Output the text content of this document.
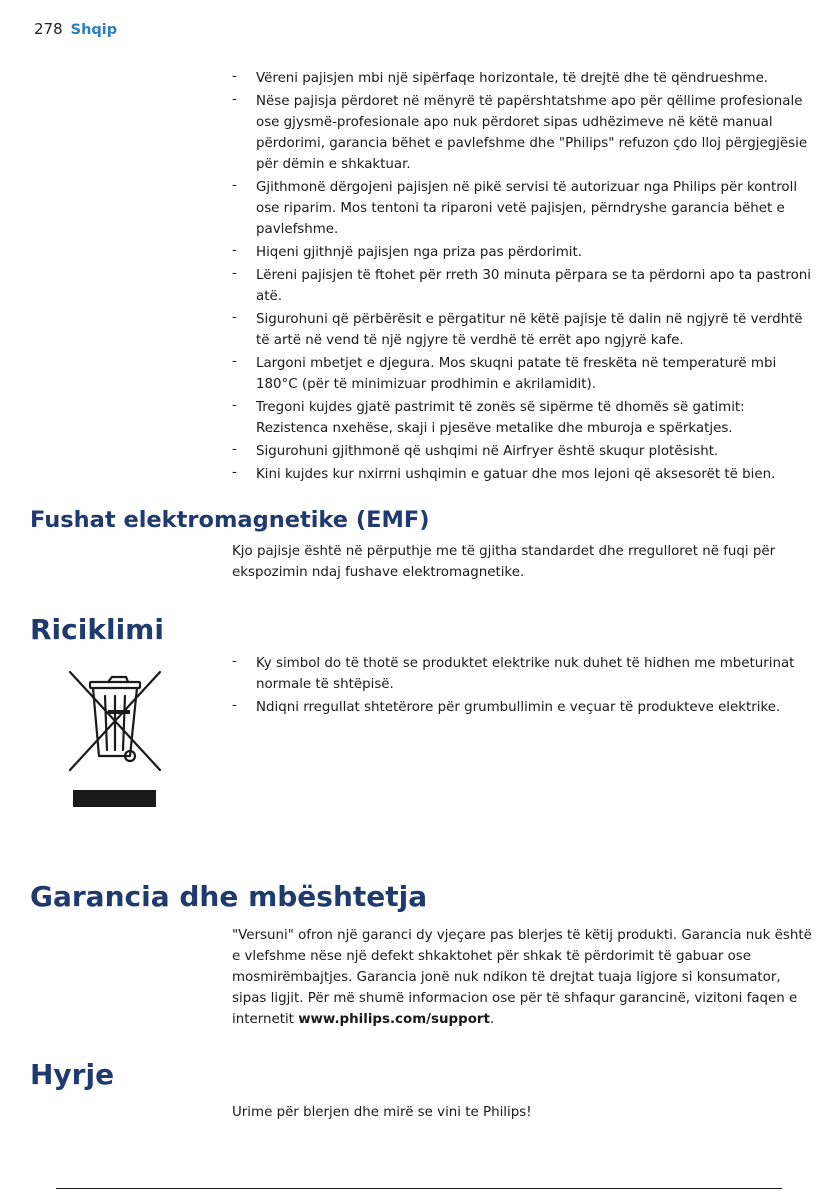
278 Shqip
- Vëreni pajisjen mbi një sipërfaqe horizontale, të drejtë dhe të qëndrueshme.
- Nëse pajisja përdoret në mënyrë të papërshtatshme apo për qëllime profesionale ose gjysmë-profesionale apo nuk përdoret sipas udhëzimeve në këtë manual përdorimi, garancia bëhet e pavlefshme dhe "Philips" refuzon çdo lloj përgjegjësie për dëmin e shkaktuar.
- Gjithmonë dërgojeni pajisjen në pikë servisi të autorizuar nga Philips për kontroll ose riparim. Mos tentoni ta riparoni vetë pajisjen, përndryshe garancia bëhet e pavlefshme.
- Hiqeni gjithnjë pajisjen nga priza pas përdorimit.
- Lëreni pajisjen të ftohet për rreth 30 minuta përpara se ta përdorni apo ta pastroni atë.
- Sigurohuni që përbërësit e përgatitur në këtë pajisje të dalin në ngjyrë të verdhtë të artë në vend të një ngjyre të verdhë të errët apo ngjyrë kafe.
- Largoni mbetjet e djegura. Mos skuqni patate të freskëta në temperaturë mbi 180°C (për të minimizuar prodhimin e akrilamidit).
- Tregoni kujdes gjatë pastrimit të zonës së sipërme të dhomës së gatimit: Rezistenca nxehëse, skaji i pjesëve metalike dhe mburoja e spërkatjes.
- Sigurohuni gjithmonë që ushqimi në Airfryer është skuqur plotësisht.
- Kini kujdes kur nxirrni ushqimin e gatuar dhe mos lejoni që aksesorët të bien.
Fushat elektromagnetike (EMF)

Kjo pajisje është në përputhje me të gjitha standardet dhe rregulloret në fuqi për ekspozimin ndaj fushave elektromagnetike.

Riciklimi
- Ky simbol do të thotë se produktet elektrike nuk duhet të hidhen me mbeturinat normale të shtëpisë.
- Ndiqni rregullat shtetërore për grumbullimin e veçuar të produkteve elektrike.
Garancia dhe mbështetja

"Versuni" ofron një garanci dy vjeçare pas blerjes të këtij produkti. Garancia nuk është e vlefshme nëse një defekt shkaktohet për shkak të përdorimit të gabuar ose mosmirëmbajtjes. Garancia jonë nuk ndikon të drejtat tuaja ligjore si konsumator, sipas ligjit. Për më shumë informacion ose për të shfaqur garancinë, vizitoni faqen e internetit www.philips.com/support.

Hyrje

Urime për blerjen dhe mirë se vini te Philips!
